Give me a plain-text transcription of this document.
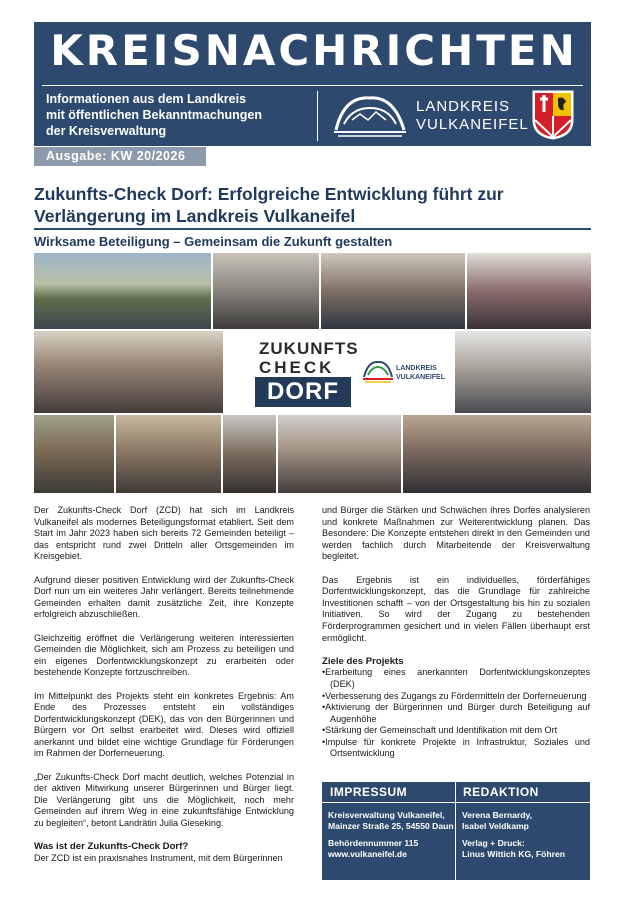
KREISNACHRICHTEN
Informationen aus dem Landkreis
mit öffentlichen Bekanntmachungen
der Kreisverwaltung
LANDKREIS
VULKANEIFEL
Ausgabe: KW 20/2026
Zukunfts-Check Dorf: Erfolgreiche Entwicklung führt zur Verlängerung im Landkreis Vulkaneifel
Wirksame Beteiligung – Gemeinsam die Zukunft gestalten
ZUKUNFTS
CHECK
DORF
LANDKREIS
VULKANEIFEL

Der Zukunfts-Check Dorf (ZCD) hat sich im Landkreis Vulkaneifel als modernes Beteiligungsformat etabliert. Seit dem Start im Jahr 2023 haben sich bereits 72 Gemeinden beteiligt – das entspricht rund zwei Dritteln aller Ortsgemeinden im Kreisgebiet.

Aufgrund dieser positiven Entwicklung wird der Zukunfts-Check Dorf nun um ein weiteres Jahr verlängert. Bereits teilnehmende Gemeinden erhalten damit zusätzliche Zeit, ihre Konzepte erfolgreich abzuschließen.

Gleichzeitig eröffnet die Verlängerung weiteren interessierten Gemeinden die Möglichkeit, sich am Prozess zu beteiligen und ein eigenes Dorfentwicklungskonzept zu erarbeiten oder bestehende Konzepte fortzuschreiben.

Im Mittelpunkt des Projekts steht ein konkretes Ergebnis: Am Ende des Prozesses entsteht ein vollständiges Dorfentwicklungskonzept (DEK), das von den Bürgerinnen und Bürgern vor Ort selbst erarbeitet wird. Dieses wird offiziell anerkannt und bildet eine wichtige Grundlage für Förderungen im Rahmen der Dorferneuerung.

„Der Zukunfts-Check Dorf macht deutlich, welches Potenzial in der aktiven Mitwirkung unserer Bürgerinnen und Bürger liegt. Die Verlängerung gibt uns die Möglichkeit, noch mehr Gemeinden auf ihrem Weg in eine zukunftsfähige Entwicklung zu begleiten“, betont Landrätin Julia Gieseking.

Was ist der Zukunfts-Check Dorf?
Der ZCD ist ein praxisnahes Instrument, mit dem Bürgerinnen

und Bürger die Stärken und Schwächen ihres Dorfes analysieren und konkrete Maßnahmen zur Weiterentwicklung planen. Das Besondere: Die Konzepte entstehen direkt in den Gemeinden und werden fachlich durch Mitarbeitende der Kreisverwaltung begleitet.

Das Ergebnis ist ein individuelles, förderfähiges Dorfentwicklungskonzept, das die Grundlage für zahlreiche Investitionen schafft – von der Ortsgestaltung bis hin zu sozialen Initiativen. So wird der Zugang zu bestehenden Förderprogrammen gesichert und in vielen Fällen überhaupt erst ermöglicht.

Ziele des Projekts
•Erarbeitung eines anerkannten Dorfentwicklungskonzeptes (DEK)
•Verbesserung des Zugangs zu Fördermitteln der Dorferneuerung
•Aktivierung der Bürgerinnen und Bürger durch Beteiligung auf Augenhöhe
•Stärkung der Gemeinschaft und Identifikation mit dem Ort
•Impulse für konkrete Projekte in Infrastruktur, Soziales und Ortsentwicklung
IMPRESSUM	REDAKTION
Kreisverwaltung Vulkaneifel,
Mainzer Straße 25, 54550 Daun
Behördennummer 115
www.vulkaneifel.de
Verena Bernardy,
Isabel Veldkamp
Verlag + Druck:
Linus Wittich KG, Föhren
